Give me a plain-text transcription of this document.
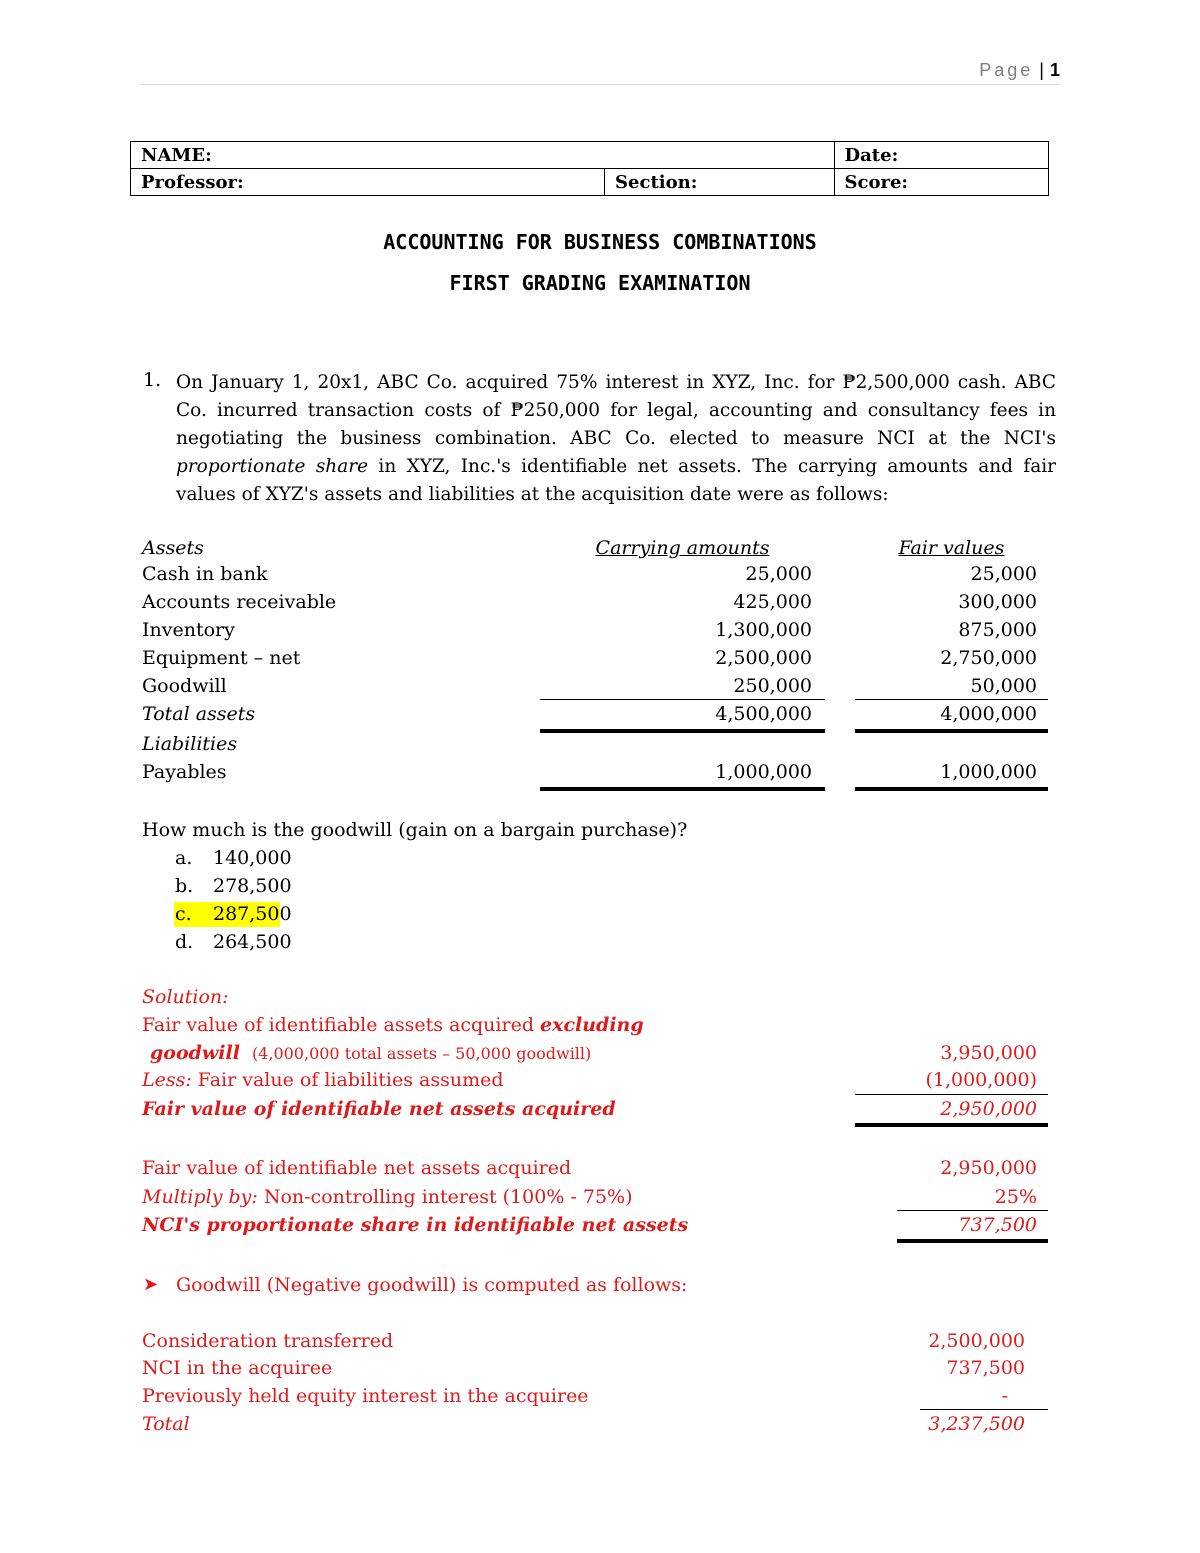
Page | 1
NAME:		Date:
Professor:	Section:	Score:
ACCOUNTING FOR BUSINESS COMBINATIONS
FIRST GRADING EXAMINATION
1. On January 1, 20x1, ABC Co. acquired 75% interest in XYZ, Inc. for ₱2,500,000 cash. ABC Co. incurred transaction costs of ₱250,000 for legal, accounting and consultancy fees in negotiating the business combination. ABC Co. elected to measure NCI at the NCI's proportionate share in XYZ, Inc.'s identifiable net assets. The carrying amounts and fair values of XYZ's assets and liabilities at the acquisition date were as follows:
Assets	Carrying amounts	Fair values
Cash in bank	25,000	25,000
Accounts receivable	425,000	300,000
Inventory	1,300,000	875,000
Equipment – net	2,500,000	2,750,000
Goodwill	250,000	50,000
Total assets	4,500,000	4,000,000
Liabilities
Payables	1,000,000	1,000,000
How much is the goodwill (gain on a bargain purchase)?
a. 140,000
b. 278,500
c. 287,500
d. 264,500
Solution:
Fair value of identifiable assets acquired excluding
goodwill (4,000,000 total assets – 50,000 goodwill)	3,950,000
Less: Fair value of liabilities assumed	(1,000,000)
Fair value of identifiable net assets acquired	2,950,000
Fair value of identifiable net assets acquired	2,950,000
Multiply by: Non-controlling interest (100% - 75%)	25%
NCI's proportionate share in identifiable net assets	737,500
➤ Goodwill (Negative goodwill) is computed as follows:
Consideration transferred	2,500,000
NCI in the acquiree	737,500
Previously held equity interest in the acquiree	-
Total	3,237,500
